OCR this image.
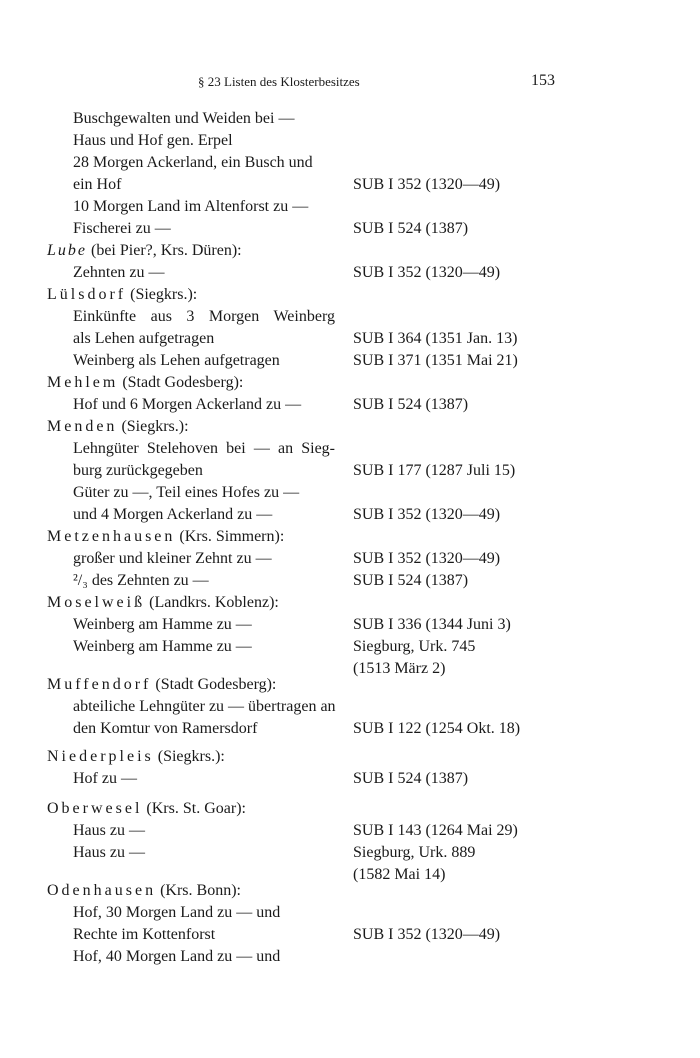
§ 23 Listen des Klosterbesitzes	153
Buschgewalten und Weiden bei —
Haus und Hof gen. Erpel
28 Morgen Ackerland, ein Busch und
ein Hof	SUB I 352 (1320—49)
10 Morgen Land im Altenforst zu —
Fischerei zu —	SUB I 524 (1387)
Lube (bei Pier?, Krs. Düren):
Zehnten zu —	SUB I 352 (1320—49)
Lülsdorf (Siegkrs.):
Einkünfte aus 3 Morgen Weinberg
als Lehen aufgetragen	SUB I 364 (1351 Jan. 13)
Weinberg als Lehen aufgetragen	SUB I 371 (1351 Mai 21)
Mehlem (Stadt Godesberg):
Hof und 6 Morgen Ackerland zu —	SUB I 524 (1387)
Menden (Siegkrs.):
Lehngüter Stelehoven bei — an Sieg-
burg zurückgegeben	SUB I 177 (1287 Juli 15)
Güter zu —, Teil eines Hofes zu —
und 4 Morgen Ackerland zu —	SUB I 352 (1320—49)
Metzenhausen (Krs. Simmern):
großer und kleiner Zehnt zu —	SUB I 352 (1320—49)
²/₃ des Zehnten zu —	SUB I 524 (1387)
Moselweiß (Landkrs. Koblenz):
Weinberg am Hamme zu —	SUB I 336 (1344 Juni 3)
Weinberg am Hamme zu —	Siegburg, Urk. 745
(1513 März 2)
Muffendorf (Stadt Godesberg):
abteiliche Lehngüter zu — übertragen an
den Komtur von Ramersdorf	SUB I 122 (1254 Okt. 18)
Niederpleis (Siegkrs.):
Hof zu —	SUB I 524 (1387)
Oberwesel (Krs. St. Goar):
Haus zu —	SUB I 143 (1264 Mai 29)
Haus zu —	Siegburg, Urk. 889
(1582 Mai 14)
Odenhausen (Krs. Bonn):
Hof, 30 Morgen Land zu — und
Rechte im Kottenforst	SUB I 352 (1320—49)
Hof, 40 Morgen Land zu — und
